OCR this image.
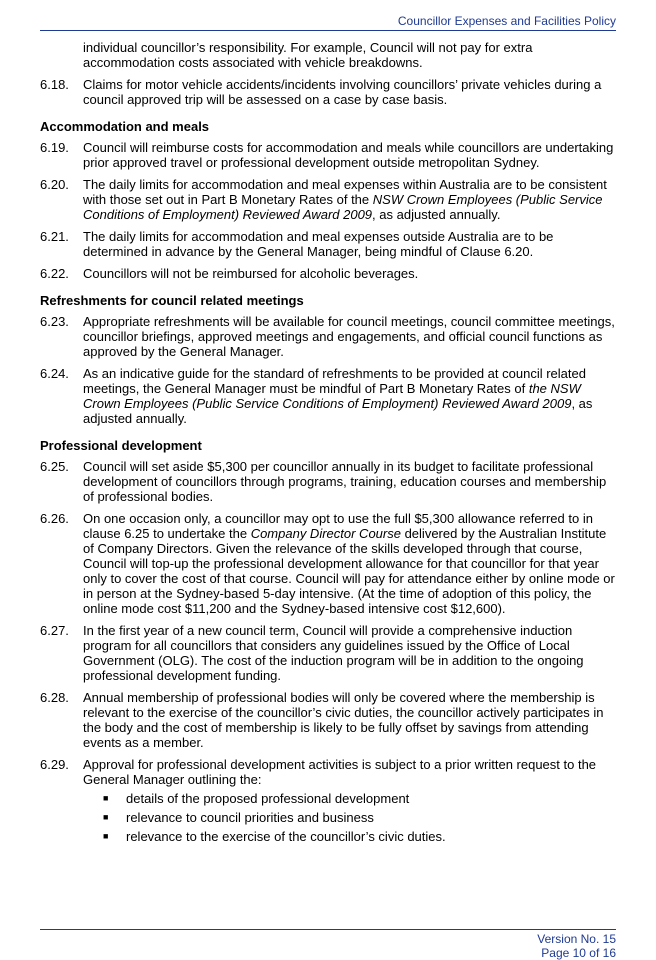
Councillor Expenses and Facilities Policy
individual councillor’s responsibility. For example, Council will not pay for extra accommodation costs associated with vehicle breakdowns.
6.18.	Claims for motor vehicle accidents/incidents involving councillors’ private vehicles during a council approved trip will be assessed on a case by case basis.
Accommodation and meals
6.19.	Council will reimburse costs for accommodation and meals while councillors are undertaking prior approved travel or professional development outside metropolitan Sydney.
6.20.	The daily limits for accommodation and meal expenses within Australia are to be consistent with those set out in Part B Monetary Rates of the NSW Crown Employees (Public Service Conditions of Employment) Reviewed Award 2009, as adjusted annually.
6.21.	The daily limits for accommodation and meal expenses outside Australia are to be determined in advance by the General Manager, being mindful of Clause 6.20.
6.22.	Councillors will not be reimbursed for alcoholic beverages.
Refreshments for council related meetings
6.23.	Appropriate refreshments will be available for council meetings, council committee meetings, councillor briefings, approved meetings and engagements, and official council functions as approved by the General Manager.
6.24.	As an indicative guide for the standard of refreshments to be provided at council related meetings, the General Manager must be mindful of Part B Monetary Rates of the NSW Crown Employees (Public Service Conditions of Employment) Reviewed Award 2009, as adjusted annually.
Professional development
6.25.	Council will set aside $5,300 per councillor annually in its budget to facilitate professional development of councillors through programs, training, education courses and membership of professional bodies.
6.26.	On one occasion only, a councillor may opt to use the full $5,300 allowance referred to in clause 6.25 to undertake the Company Director Course delivered by the Australian Institute of Company Directors. Given the relevance of the skills developed through that course, Council will top-up the professional development allowance for that councillor for that year only to cover the cost of that course. Council will pay for attendance either by online mode or in person at the Sydney-based 5-day intensive. (At the time of adoption of this policy, the online mode cost $11,200 and the Sydney-based intensive cost $12,600).
6.27.	In the first year of a new council term, Council will provide a comprehensive induction program for all councillors that considers any guidelines issued by the Office of Local Government (OLG). The cost of the induction program will be in addition to the ongoing professional development funding.
6.28.	Annual membership of professional bodies will only be covered where the membership is relevant to the exercise of the councillor’s civic duties, the councillor actively participates in the body and the cost of membership is likely to be fully offset by savings from attending events as a member.
6.29.	Approval for professional development activities is subject to a prior written request to the General Manager outlining the:
■	details of the proposed professional development
■	relevance to council priorities and business
■	relevance to the exercise of the councillor’s civic duties.
Version No. 15
Page 10 of 16
